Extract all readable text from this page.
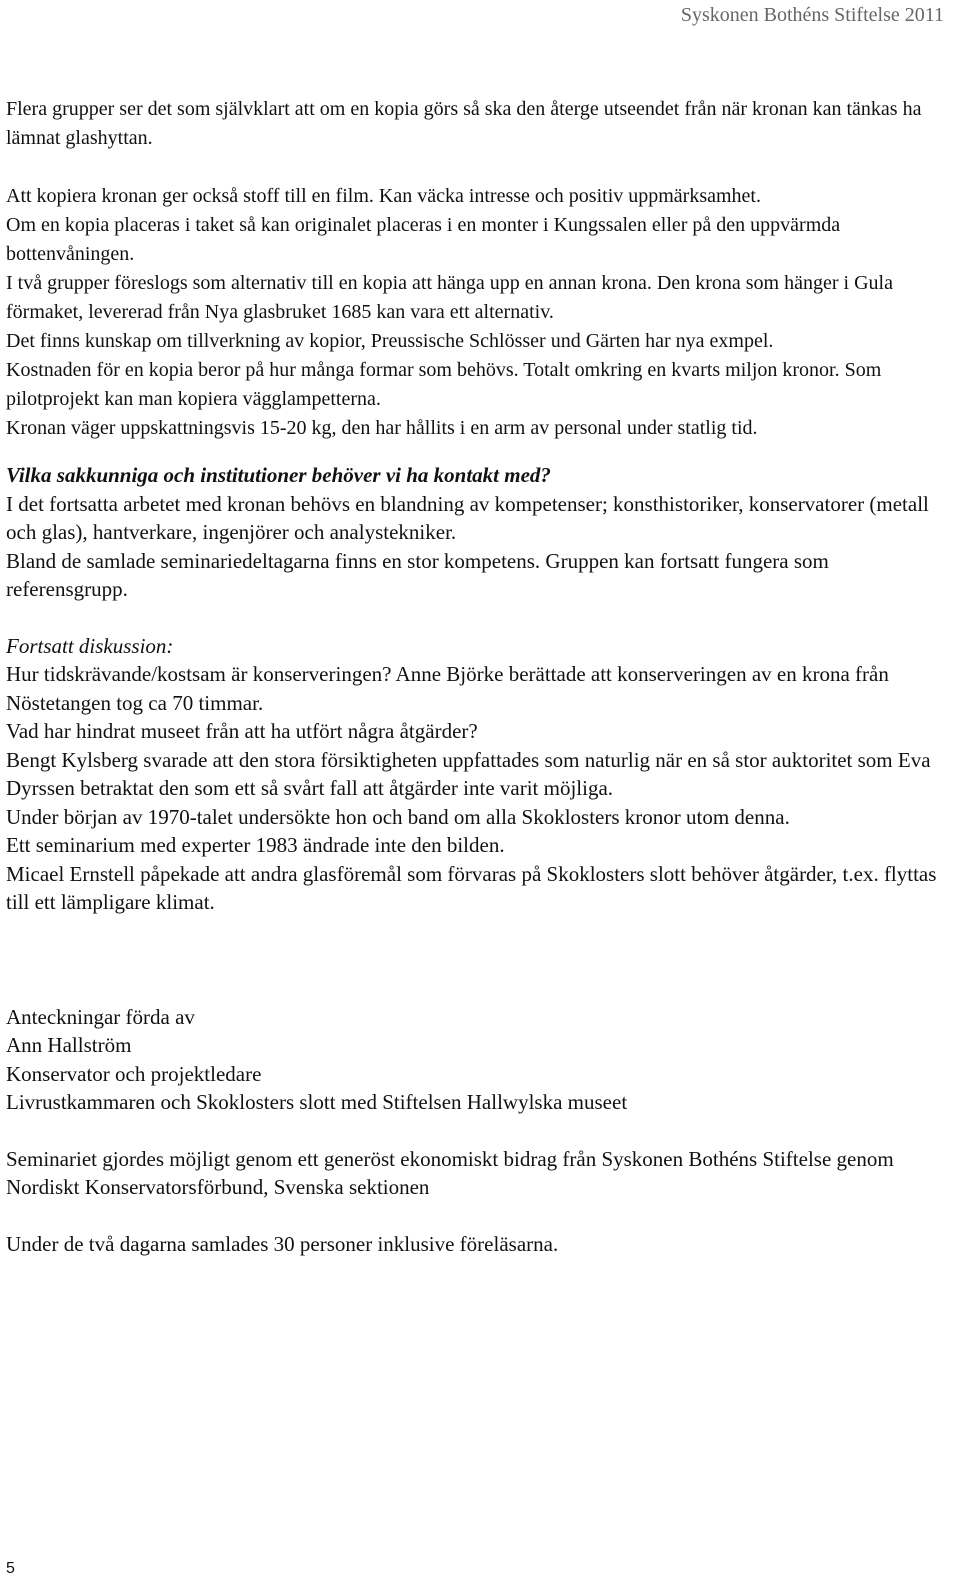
Syskonen Bothéns Stiftelse 2011

Flera grupper ser det som självklart att om en kopia görs så ska den återge utseendet från när kronan kan tänkas ha lämnat glashyttan.

Att kopiera kronan ger också stoff till en film. Kan väcka intresse och positiv uppmärksamhet.

Om en kopia placeras i taket så kan originalet placeras i en monter i Kungssalen eller på den uppvärmda bottenvåningen.

I två grupper föreslogs som alternativ till en kopia att hänga upp en annan krona. Den krona som hänger i Gula förmaket, levererad från Nya glasbruket 1685 kan vara ett alternativ.

Det finns kunskap om tillverkning av kopior, Preussische Schlösser und Gärten har nya exmpel.

Kostnaden för en kopia beror på hur många formar som behövs. Totalt omkring en kvarts miljon kronor. Som pilotprojekt kan man kopiera vägglampetterna.

Kronan väger uppskattningsvis 15-20 kg, den har hållits i en arm av personal under statlig tid.

Vilka sakkunniga och institutioner behöver vi ha kontakt med?

I det fortsatta arbetet med kronan behövs en blandning av kompetenser; konsthistoriker, konservatorer (metall och glas), hantverkare, ingenjörer och analystekniker.

Bland de samlade seminariedeltagarna finns en stor kompetens. Gruppen kan fortsatt fungera som referensgrupp.

Fortsatt diskussion:

Hur tidskrävande/kostsam är konserveringen? Anne Björke berättade att konserveringen av en krona från Nöstetangen tog ca 70 timmar.

Vad har hindrat museet från att ha utfört några åtgärder?

Bengt Kylsberg svarade att den stora försiktigheten uppfattades som naturlig när en så stor auktoritet som Eva Dyrssen betraktat den som ett så svårt fall att åtgärder inte varit möjliga.

Under början av 1970-talet undersökte hon och band om alla Skoklosters kronor utom denna.

Ett seminarium med experter 1983 ändrade inte den bilden.

Micael Ernstell påpekade att andra glasföremål som förvaras på Skoklosters slott behöver åtgärder, t.ex. flyttas till ett lämpligare klimat.

Anteckningar förda av

Ann Hallström

Konservator och projektledare

Livrustkammaren och Skoklosters slott med Stiftelsen Hallwylska museet

Seminariet gjordes möjligt genom ett generöst ekonomiskt bidrag från Syskonen Bothéns Stiftelse genom Nordiskt Konservatorsförbund, Svenska sektionen

Under de två dagarna samlades 30 personer inklusive föreläsarna.

5
